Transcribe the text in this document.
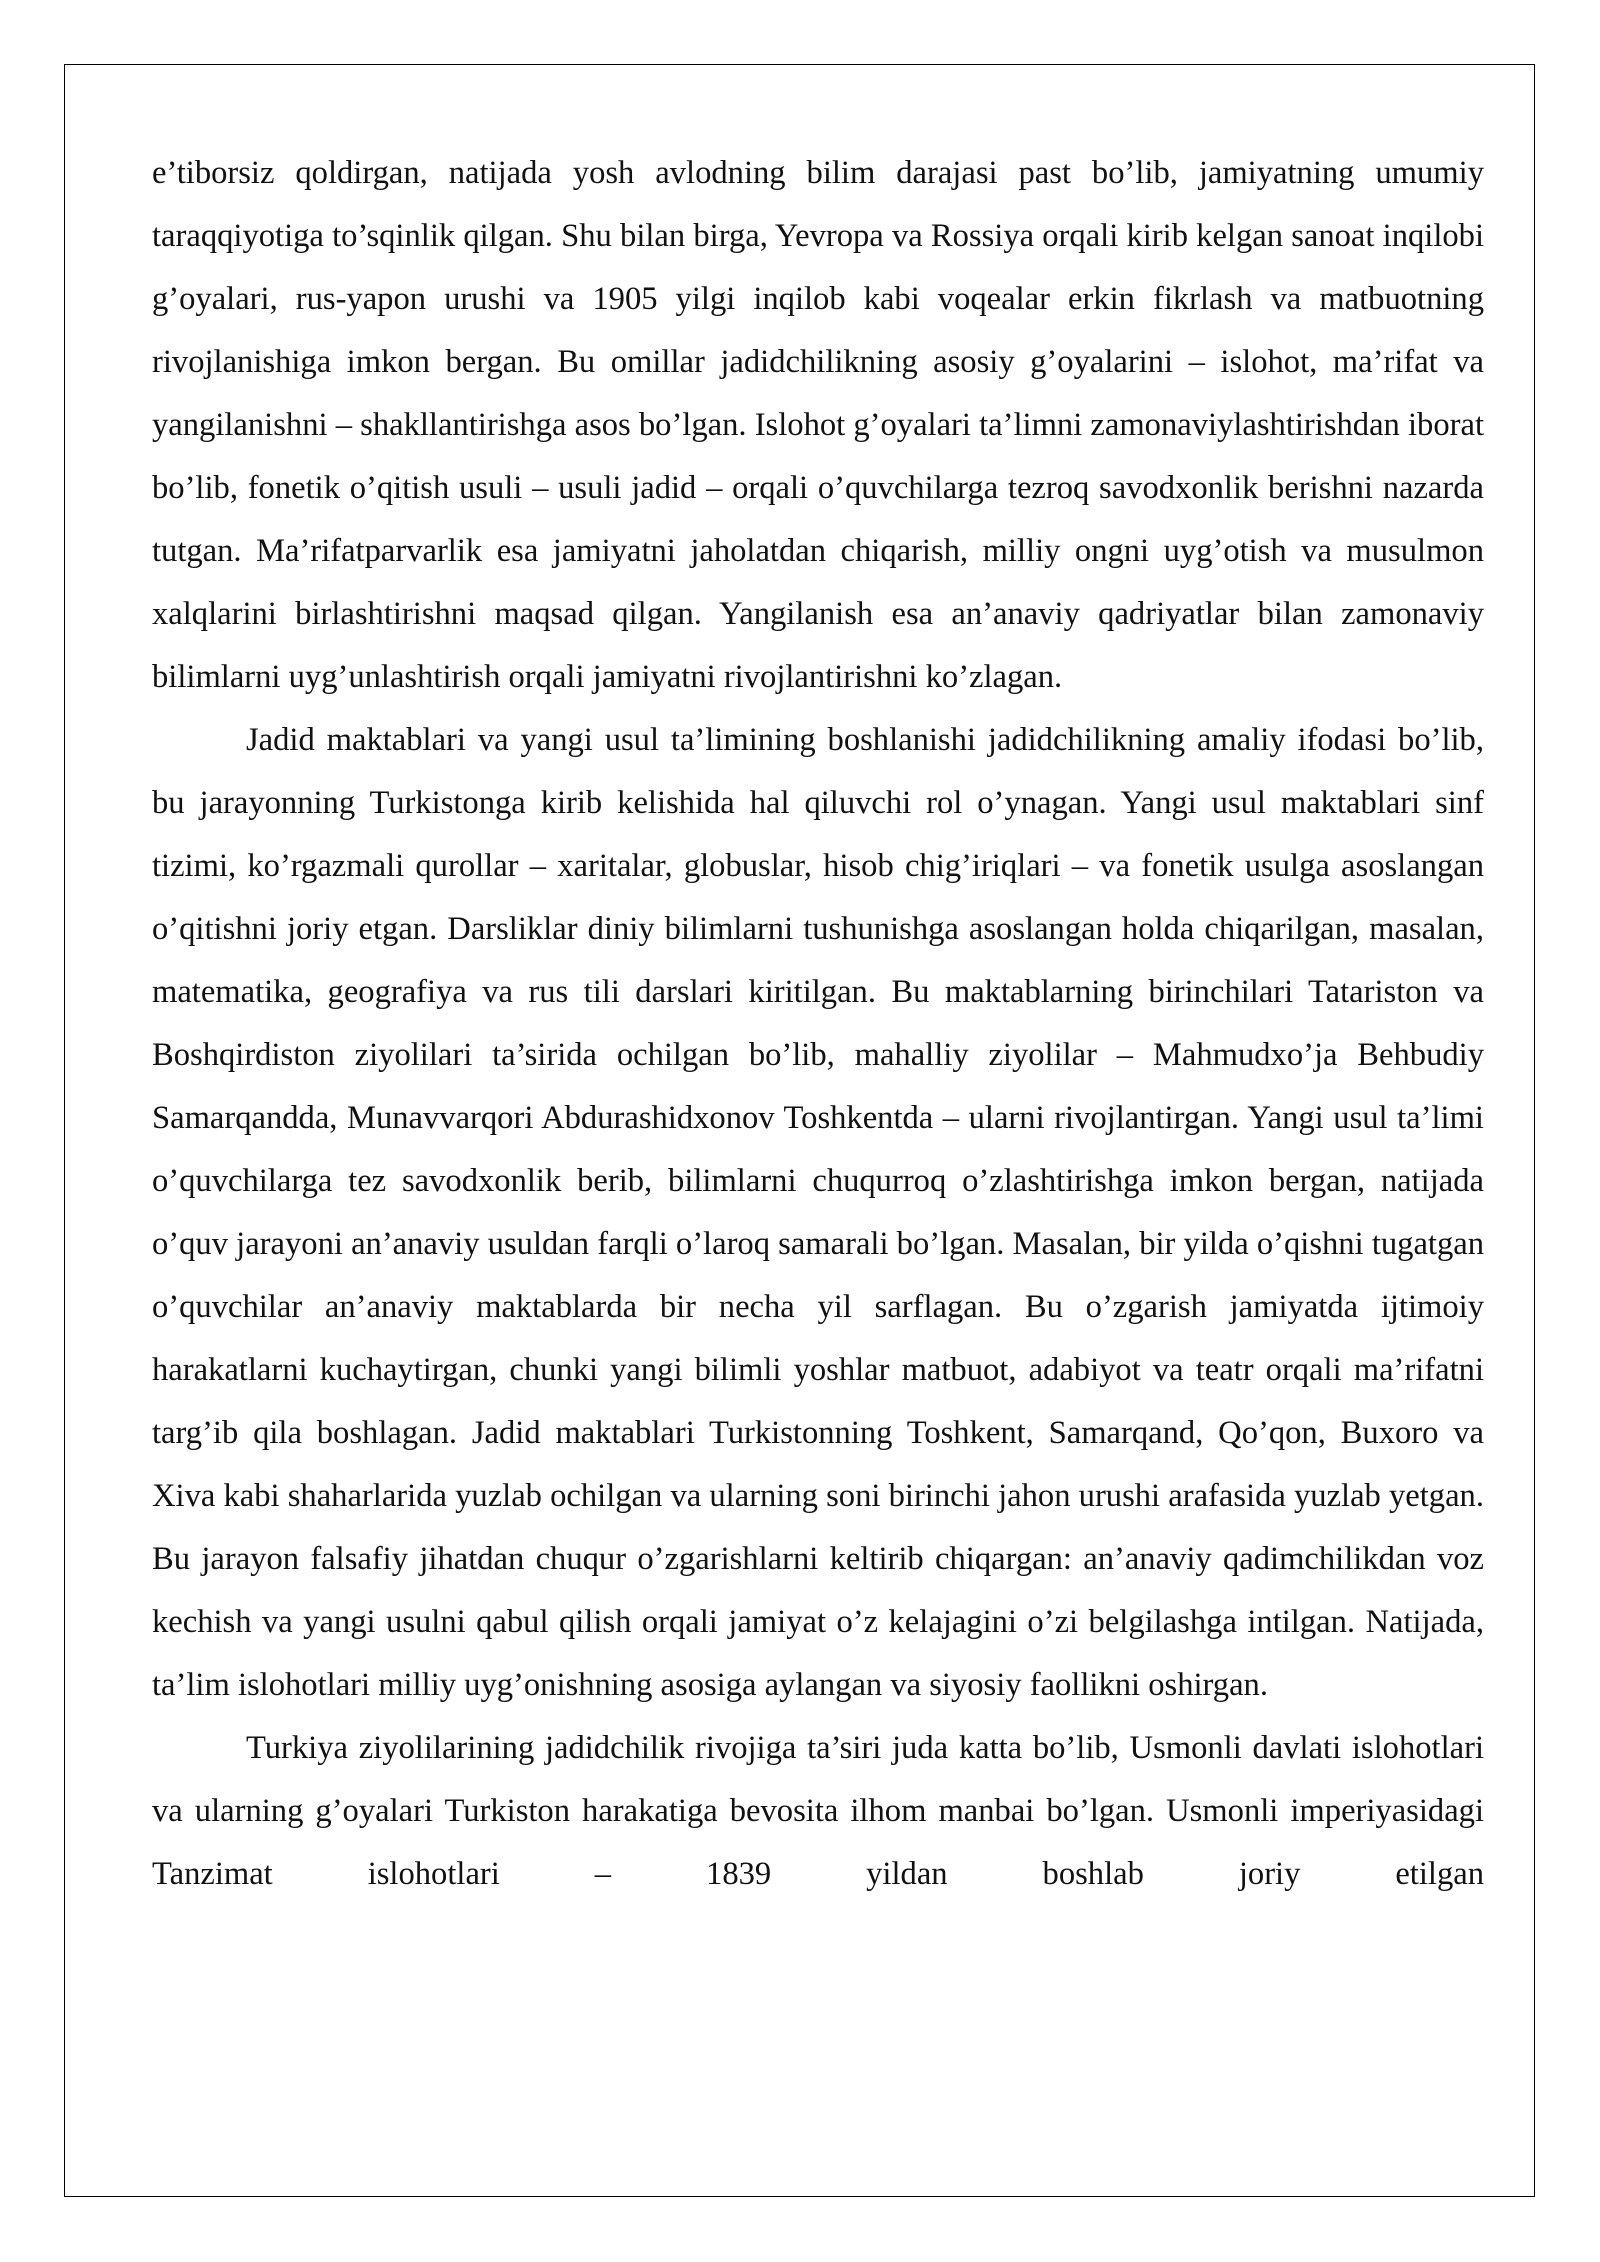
e’tiborsiz qoldirgan, natijada yosh avlodning bilim darajasi past bo’lib, jamiyatning umumiy taraqqiyotiga to’sqinlik qilgan. Shu bilan birga, Yevropa va Rossiya orqali kirib kelgan sanoat inqilobi g’oyalari, rus-yapon urushi va 1905 yilgi inqilob kabi voqealar erkin fikrlash va matbuotning rivojlanishiga imkon bergan. Bu omillar jadidchilikning asosiy g’oyalarini – islohot, ma’rifat va yangilanishni – shakllantirishga asos bo’lgan. Islohot g’oyalari ta’limni zamonaviylashtirishdan iborat bo’lib, fonetik o’qitish usuli – usuli jadid – orqali o’quvchilarga tezroq savodxonlik berishni nazarda tutgan. Ma’rifatparvarlik esa jamiyatni jaholatdan chiqarish, milliy ongni uyg’otish va musulmon xalqlarini birlashtirishni maqsad qilgan. Yangilanish esa an’anaviy qadriyatlar bilan zamonaviy bilimlarni uyg’unlashtirish orqali jamiyatni rivojlantirishni ko’zlagan.

Jadid maktablari va yangi usul ta’limining boshlanishi jadidchilikning amaliy ifodasi bo’lib, bu jarayonning Turkistonga kirib kelishida hal qiluvchi rol o’ynagan. Yangi usul maktablari sinf tizimi, ko’rgazmali qurollar – xaritalar, globuslar, hisob chig’iriqlari – va fonetik usulga asoslangan o’qitishni joriy etgan. Darsliklar diniy bilimlarni tushunishga asoslangan holda chiqarilgan, masalan, matematika, geografiya va rus tili darslari kiritilgan. Bu maktablarning birinchilari Tatariston va Boshqirdiston ziyolilari ta’sirida ochilgan bo’lib, mahalliy ziyolilar – Mahmudxo’ja Behbudiy Samarqandda, Munavvarqori Abdurashidxonov Toshkentda – ularni rivojlantirgan. Yangi usul ta’limi o’quvchilarga tez savodxonlik berib, bilimlarni chuqurroq o’zlashtirishga imkon bergan, natijada o’quv jarayoni an’anaviy usuldan farqli o’laroq samarali bo’lgan. Masalan, bir yilda o’qishni tugatgan o’quvchilar an’anaviy maktablarda bir necha yil sarflagan. Bu o’zgarish jamiyatda ijtimoiy harakatlarni kuchaytirgan, chunki yangi bilimli yoshlar matbuot, adabiyot va teatr orqali ma’rifatni targ’ib qila boshlagan. Jadid maktablari Turkistonning Toshkent, Samarqand, Qo’qon, Buxoro va Xiva kabi shaharlarida yuzlab ochilgan va ularning soni birinchi jahon urushi arafasida yuzlab yetgan. Bu jarayon falsafiy jihatdan chuqur o’zgarishlarni keltirib chiqargan: an’anaviy qadimchilikdan voz kechish va yangi usulni qabul qilish orqali jamiyat o’z kelajagini o’zi belgilashga intilgan. Natijada, ta’lim islohotlari milliy uyg’onishning asosiga aylangan va siyosiy faollikni oshirgan.

Turkiya ziyolilarining jadidchilik rivojiga ta’siri juda katta bo’lib, Usmonli davlati islohotlari va ularning g’oyalari Turkiston harakatiga bevosita ilhom manbai bo’lgan. Usmonli imperiyasidagi Tanzimat islohotlari – 1839 yildan boshlab joriy etilgan
